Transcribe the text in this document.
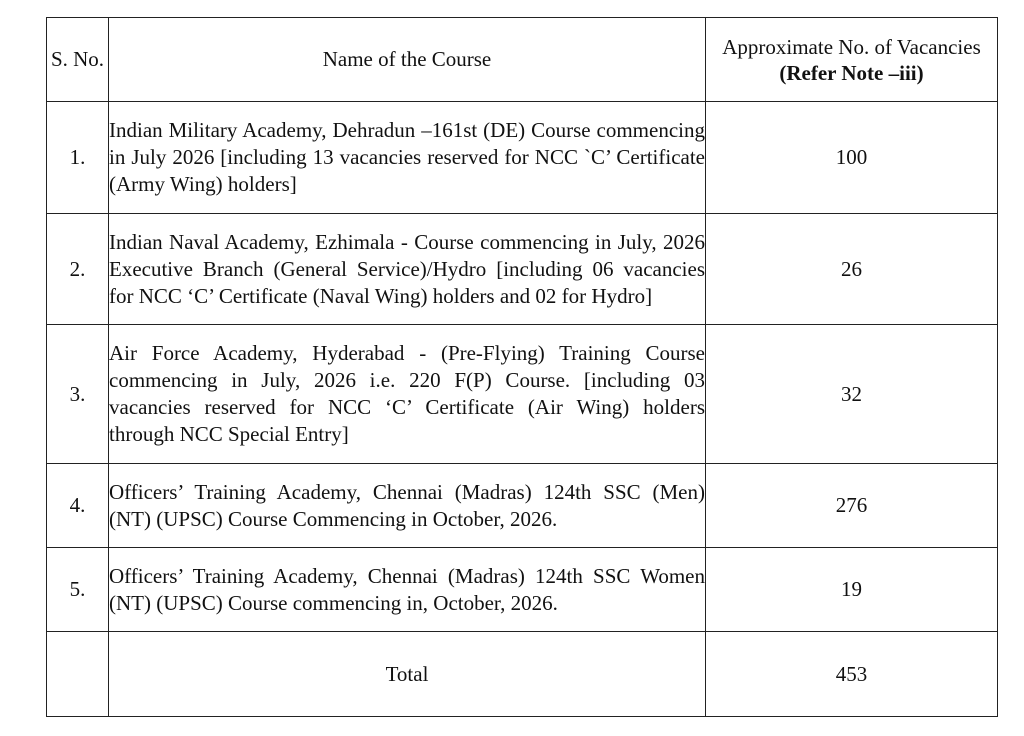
S. No.	Name of the Course	Approximate No. of Vacancies
(Refer Note –iii)

1.	Indian Military Academy, Dehradun –161st (DE) Course commencing in July 2026 [including 13 vacancies reserved for NCC `C’ Certificate (Army Wing) holders]	100
2.	Indian Naval Academy, Ezhimala - Course commencing in July, 2026 Executive Branch (General Service)/Hydro [including 06 vacancies for NCC ‘C’ Certificate (Naval Wing) holders and 02 for Hydro]	26
3.	Air Force Academy, Hyderabad - (Pre-Flying) Training Course commencing in July, 2026 i.e. 220 F(P) Course. [including 03 vacancies reserved for NCC ‘C’ Certificate (Air Wing) holders through NCC Special Entry]	32
4.	Officers’ Training Academy, Chennai (Madras) 124th SSC (Men) (NT) (UPSC) Course Commencing in October, 2026.	276
5.	Officers’ Training Academy, Chennai (Madras) 124th SSC Women (NT) (UPSC) Course commencing in, October, 2026.	19
	Total	453
